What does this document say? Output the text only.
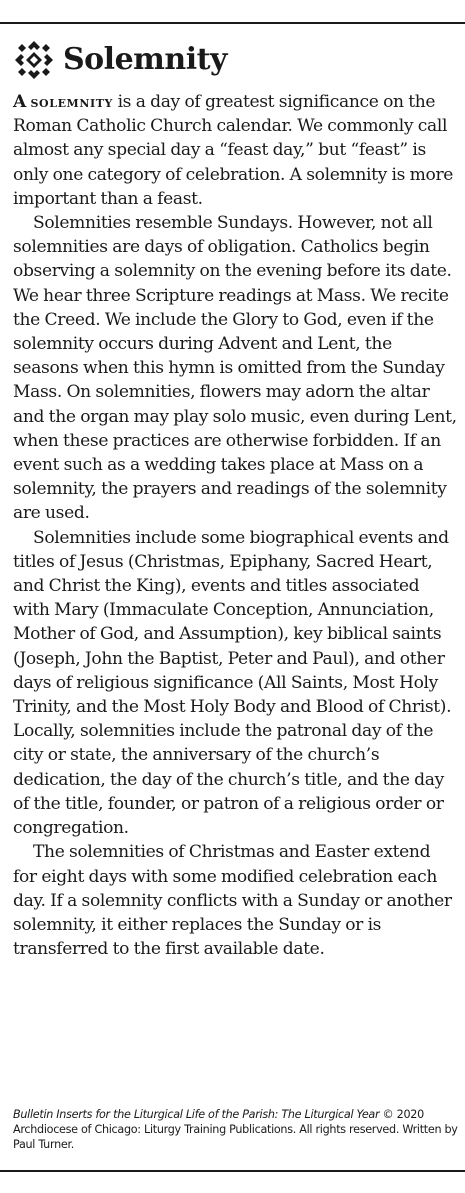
Solemnity

A solemnity is a day of greatest significance on the Roman Catholic Church calendar. We commonly call almost any special day a “feast day,” but “feast” is only one category of celebration. A solemnity is more important than a feast.

Solemnities resemble Sundays. However, not all solemnities are days of obligation. Catholics begin observing a solemnity on the evening before its date. We hear three Scripture readings at Mass. We recite the Creed. We include the Glory to God, even if the solemnity occurs during Advent and Lent, the seasons when this hymn is omitted from the Sunday Mass. On solemnities, flowers may adorn the altar and the organ may play solo music, even during Lent, when these practices are otherwise forbidden. If an event such as a wedding takes place at Mass on a solemnity, the prayers and readings of the solemnity are used.

Solemnities include some biographical events and titles of Jesus (Christmas, Epiphany, Sacred Heart, and Christ the King), events and titles associated with Mary (Immaculate Conception, Annunciation, Mother of God, and Assumption), key biblical saints (Joseph, John the Baptist, Peter and Paul), and other days of religious significance (All Saints, Most Holy Trinity, and the Most Holy Body and Blood of Christ). Locally, solemnities include the patronal day of the city or state, the anniversary of the church’s dedication, the day of the church’s title, and the day of the title, founder, or patron of a religious order or congregation.

The solemnities of Christmas and Easter extend for eight days with some modified celebration each day. If a solemnity conflicts with a Sunday or another solemnity, it either replaces the Sunday or is transferred to the first available date.

Bulletin Inserts for the Liturgical Life of the Parish: The Liturgical Year © 2020 Archdiocese of Chicago: Liturgy Training Publications. All rights reserved. Written by Paul Turner.
